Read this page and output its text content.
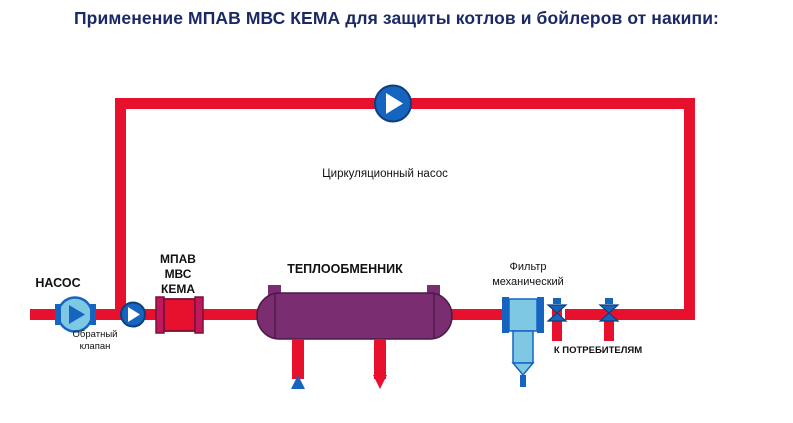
Применение МПАВ МВС КЕМА для защиты котлов и бойлеров от накипи:
Циркуляционный насос
НАСОС
Обратный
клапан
МПАВ
МВС
КЕМА
ТЕПЛООБМЕННИК	Фильтр
механический
К ПОТРЕБИТЕЛЯМ
